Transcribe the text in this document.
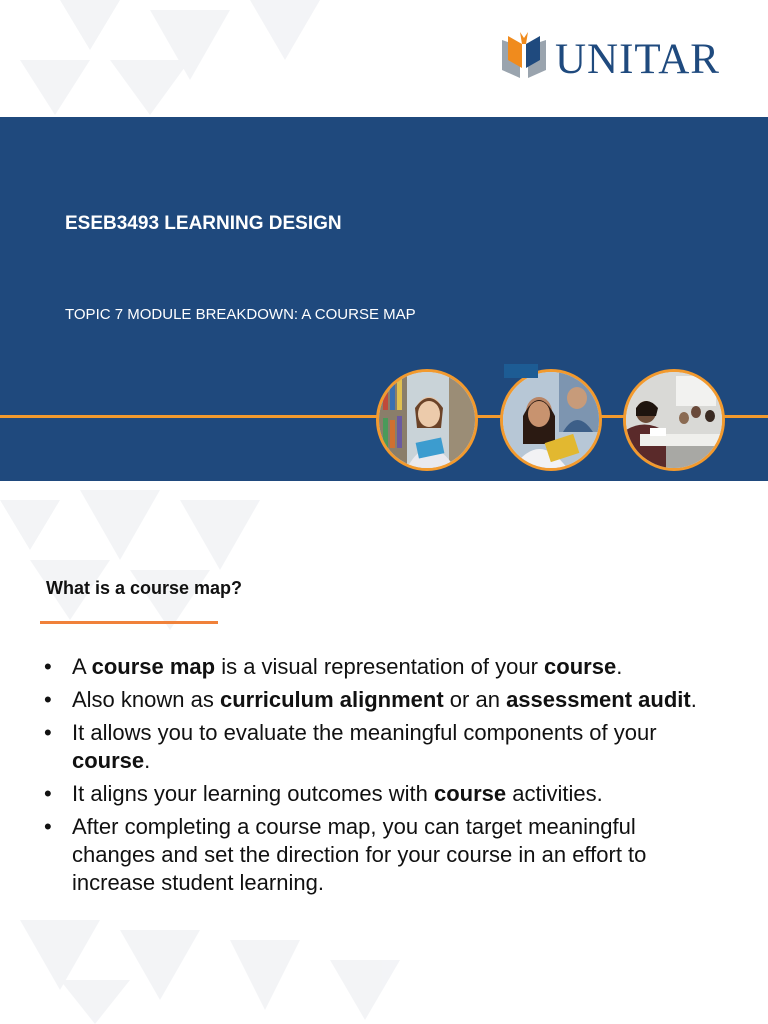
UNITAR
ESEB3493 LEARNING DESIGN
TOPIC 7 MODULE BREAKDOWN: A COURSE MAP
What is a course map?
• A course map is a visual representation of your course.
• Also known as curriculum alignment or an assessment audit.
• It allows you to evaluate the meaningful components of your course.
• It aligns your learning outcomes with course activities.
• After completing a course map, you can target meaningful changes and set the direction for your course in an effort to increase student learning.
